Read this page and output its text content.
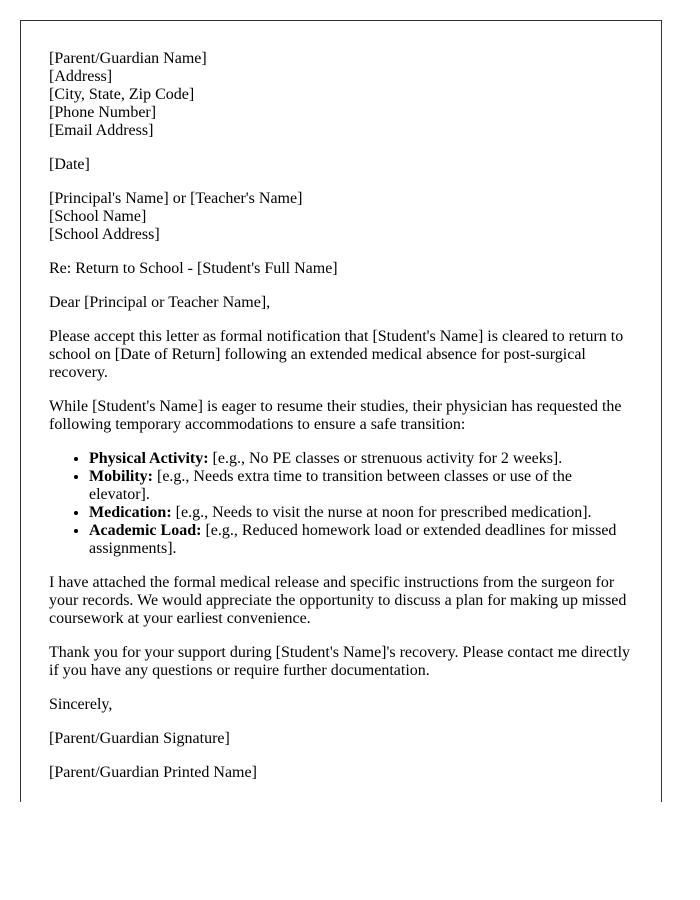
[Parent/Guardian Name]
[Address]
[City, State, Zip Code]
[Phone Number]
[Email Address]

[Date]

[Principal's Name] or [Teacher's Name]
[School Name]
[School Address]

Re: Return to School - [Student's Full Name]

Dear [Principal or Teacher Name],

Please accept this letter as formal notification that [Student's Name] is cleared to return to school on [Date of Return] following an extended medical absence for post-surgical recovery.

While [Student's Name] is eager to resume their studies, their physician has requested the following temporary accommodations to ensure a safe transition:

• Physical Activity: [e.g., No PE classes or strenuous activity for 2 weeks].
• Mobility: [e.g., Needs extra time to transition between classes or use of the elevator].
• Medication: [e.g., Needs to visit the nurse at noon for prescribed medication].
• Academic Load: [e.g., Reduced homework load or extended deadlines for missed assignments].

I have attached the formal medical release and specific instructions from the surgeon for your records. We would appreciate the opportunity to discuss a plan for making up missed coursework at your earliest convenience.

Thank you for your support during [Student's Name]'s recovery. Please contact me directly if you have any questions or require further documentation.

Sincerely,

[Parent/Guardian Signature]

[Parent/Guardian Printed Name]
